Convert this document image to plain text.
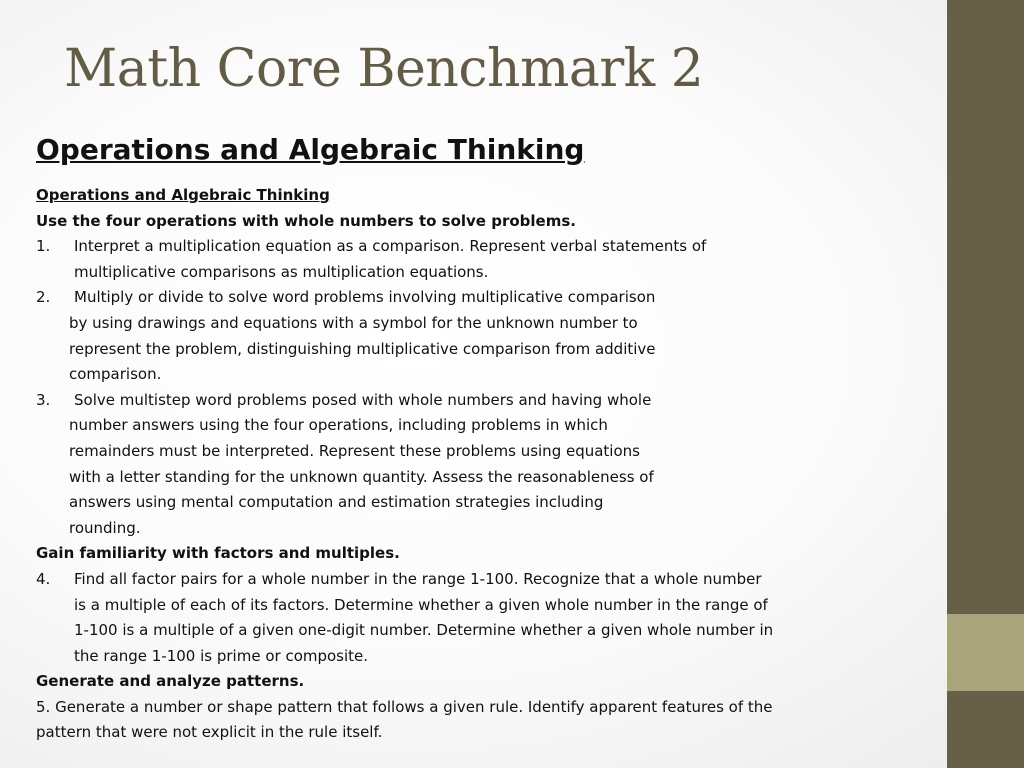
Math Core Benchmark 2
Operations and Algebraic Thinking
Operations and Algebraic Thinking
Use the four operations with whole numbers to solve problems.
1. Interpret a multiplication equation as a comparison. Represent verbal statements of
multiplicative comparisons as multiplication equations.
2. Multiply or divide to solve word problems involving multiplicative comparison
by using drawings and equations with a symbol for the unknown number to
represent the problem, distinguishing multiplicative comparison from additive
comparison.
3. Solve multistep word problems posed with whole numbers and having whole
number answers using the four operations, including problems in which
remainders must be interpreted. Represent these problems using equations
with a letter standing for the unknown quantity. Assess the reasonableness of
answers using mental computation and estimation strategies including
rounding.
Gain familiarity with factors and multiples.
4. Find all factor pairs for a whole number in the range 1-100. Recognize that a whole number
is a multiple of each of its factors. Determine whether a given whole number in the range of
1-100 is a multiple of a given one-digit number. Determine whether a given whole number in
the range 1-100 is prime or composite.
Generate and analyze patterns.
5. Generate a number or shape pattern that follows a given rule. Identify apparent features of the
pattern that were not explicit in the rule itself.
